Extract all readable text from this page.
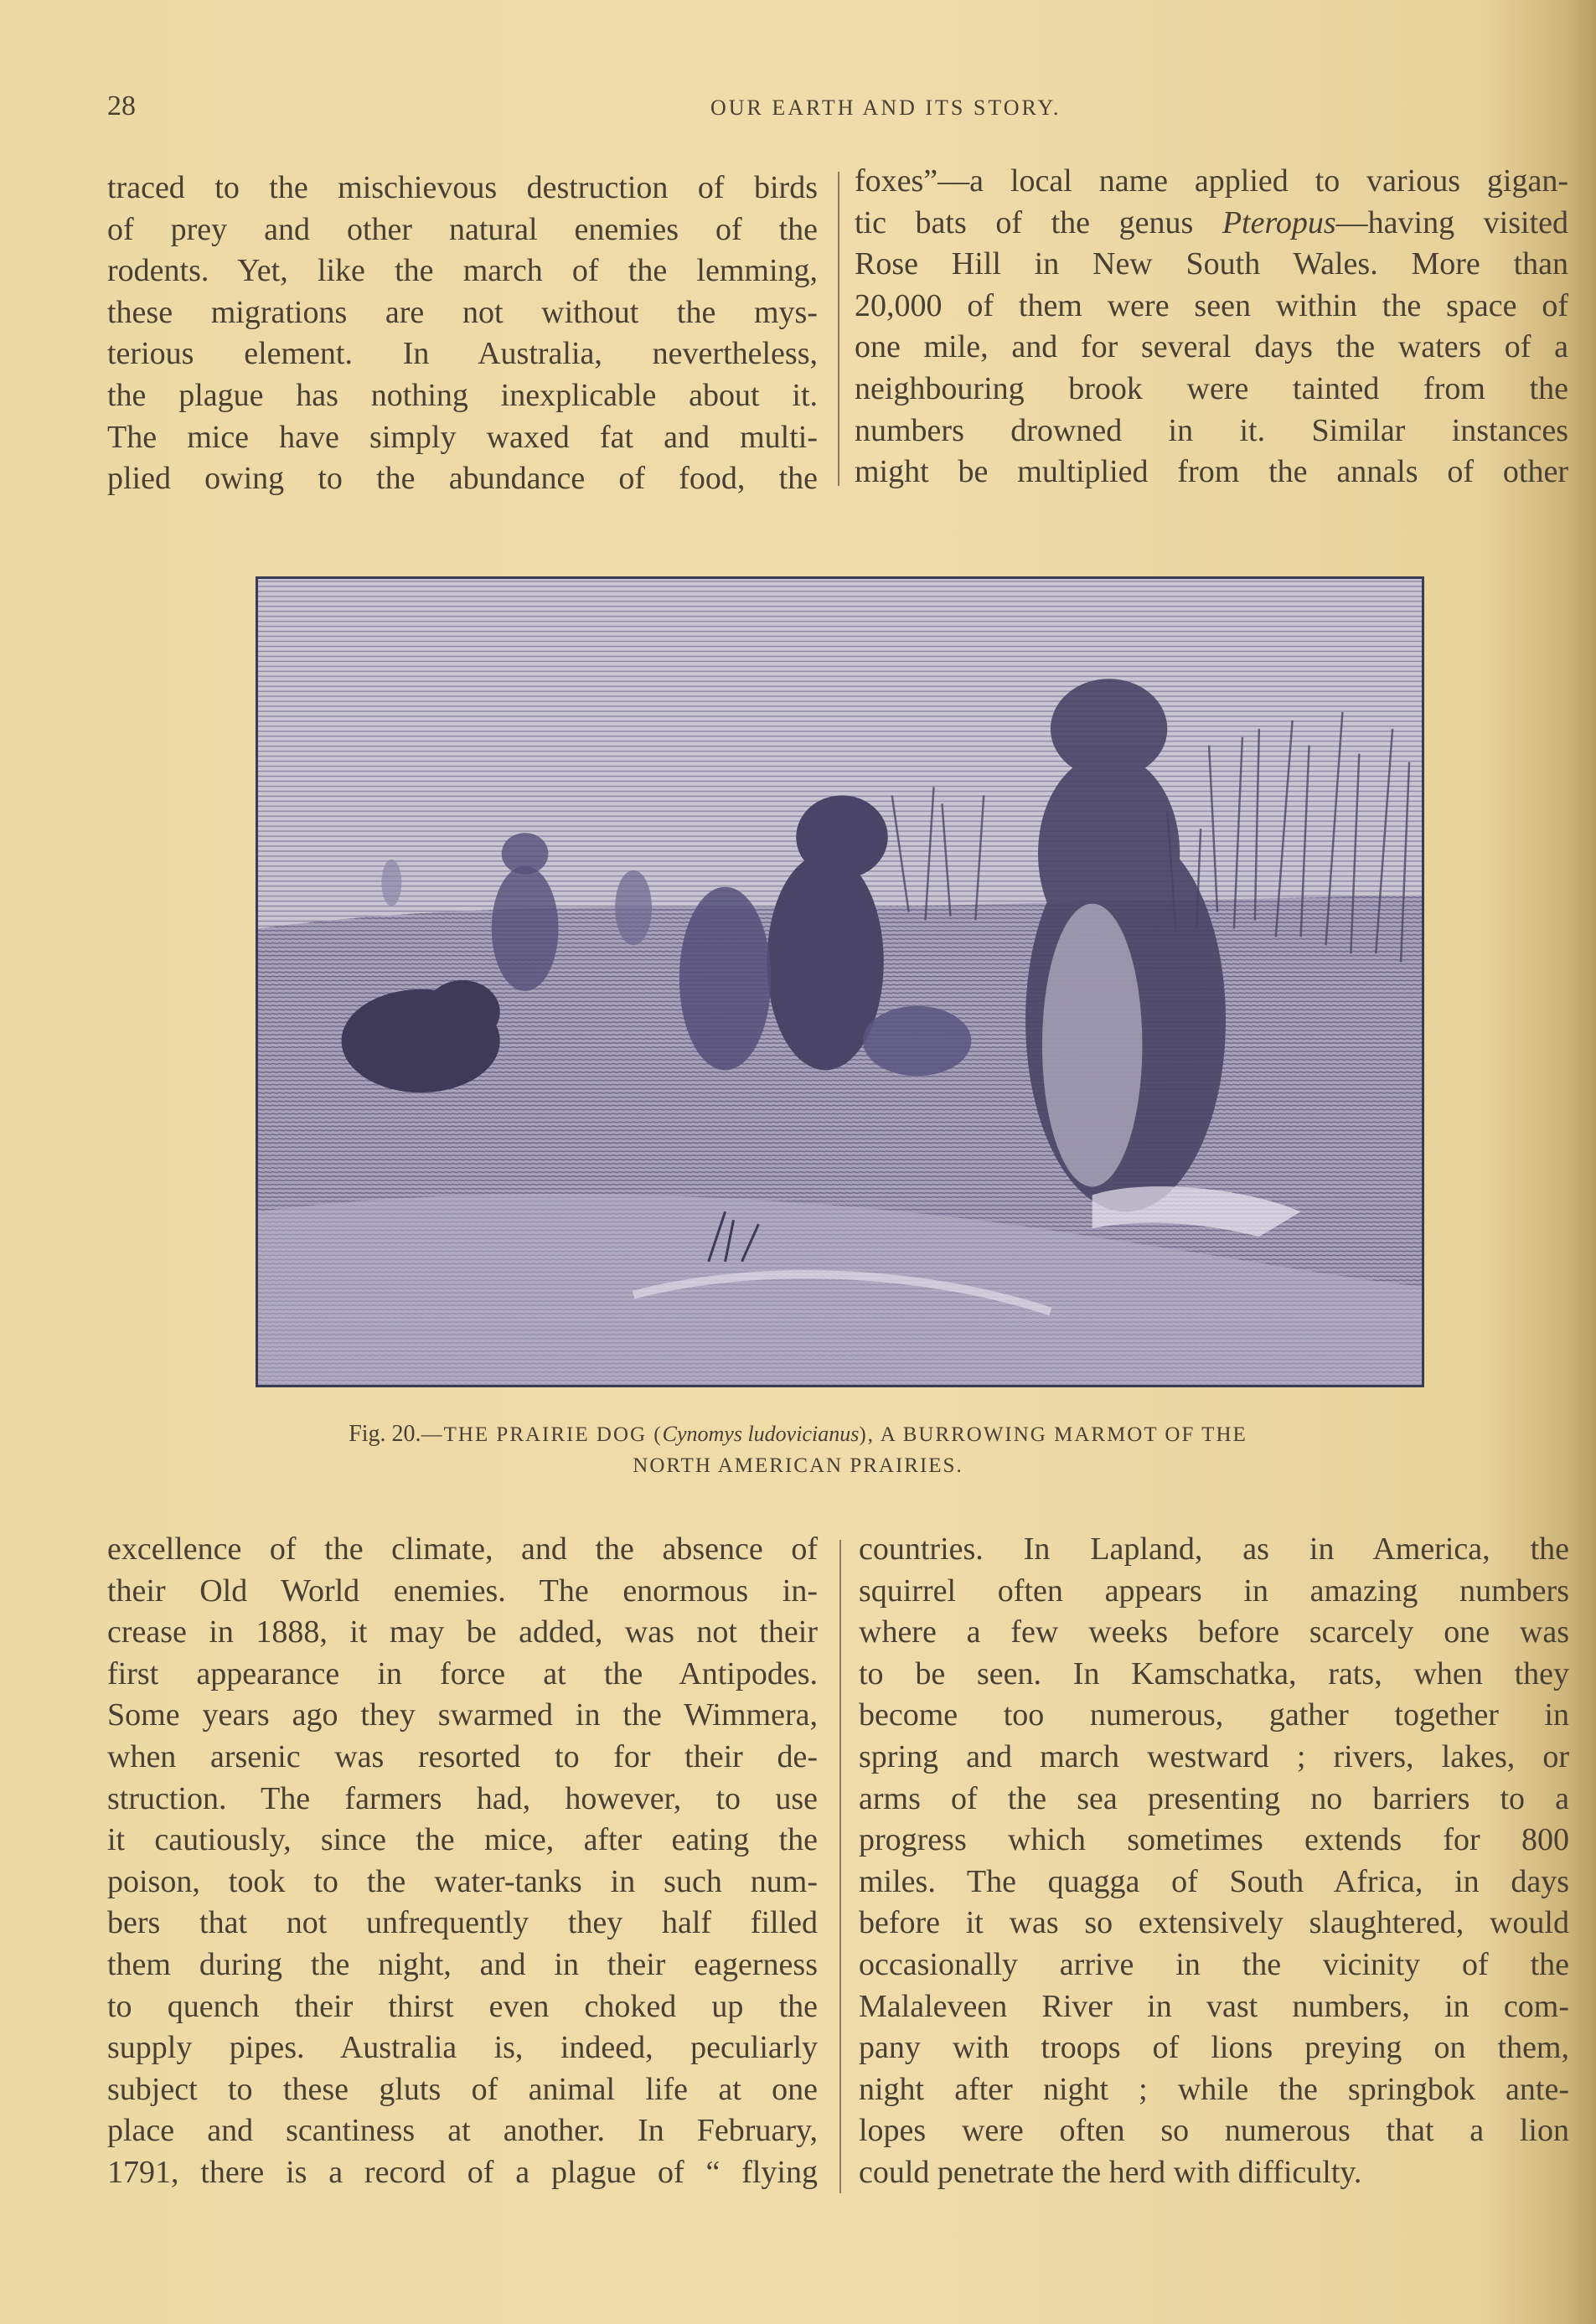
28	OUR EARTH AND ITS STORY.

traced to the mischievous destruction of birds

of prey and other natural enemies of the

rodents. Yet, like the march of the lemming,

these migrations are not without the mys-

terious element. In Australia, nevertheless,

the plague has nothing inexplicable about it.

The mice have simply waxed fat and multi-

plied owing to the abundance of food, the

foxes”—a local name applied to various gigan-

tic bats of the genus Pteropus—having visited

Rose Hill in New South Wales. More than

20,000 of them were seen within the space of

one mile, and for several days the waters of a

neighbouring brook were tainted from the

numbers drowned in it. Similar instances

might be multiplied from the annals of other

Fig. 20.—THE PRAIRIE DOG (Cynomys ludovicianus), A BURROWING MARMOT OF THE
NORTH AMERICAN PRAIRIES.

excellence of the climate, and the absence of

their Old World enemies. The enormous in-

crease in 1888, it may be added, was not their

first appearance in force at the Antipodes.

Some years ago they swarmed in the Wimmera,

when arsenic was resorted to for their de-

struction. The farmers had, however, to use

it cautiously, since the mice, after eating the

poison, took to the water-tanks in such num-

bers that not unfrequently they half filled

them during the night, and in their eagerness

to quench their thirst even choked up the

supply pipes. Australia is, indeed, peculiarly

subject to these gluts of animal life at one

place and scantiness at another. In February,

1791, there is a record of a plague of “ flying

countries. In Lapland, as in America, the

squirrel often appears in amazing numbers

where a few weeks before scarcely one was

to be seen. In Kamschatka, rats, when they

become too numerous, gather together in

spring and march westward ; rivers, lakes, or

arms of the sea presenting no barriers to a

progress which sometimes extends for 800

miles. The quagga of South Africa, in days

before it was so extensively slaughtered, would

occasionally arrive in the vicinity of the

Malaleveen River in vast numbers, in com-

pany with troops of lions preying on them,

night after night ; while the springbok ante-

lopes were often so numerous that a lion

could penetrate the herd with difficulty.
